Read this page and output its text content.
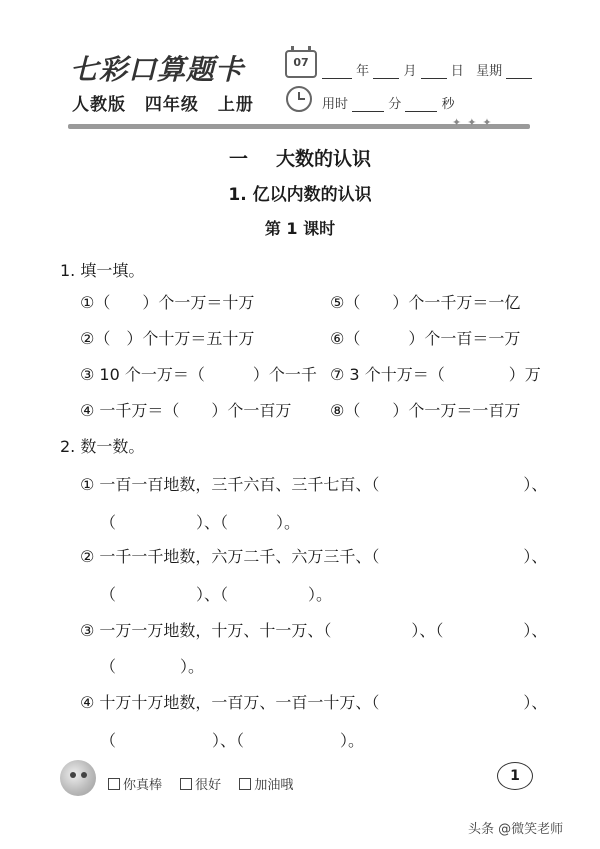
七彩口算题卡
人教版 四年级 上册
07
年	月	日 星期
用时	分	秒
✦✦✦
一 大数的认识
1. 亿以内数的认识
第 1 课时
1. 填一填。
①（　　）个一万＝十万	⑤（　　）个一千万＝一亿
②（　）个十万＝五十万	⑥（　　　）个一百＝一万
③ 10 个一万＝（　　　）个一千 ⑦ 3 个十万＝（　　　　）万
④ 一千万＝（　　）个一百万 ⑧（　　）个一万＝一百万
2. 数一数。
① 一百一百地数，三千六百、三千七百、（　　　　　　　　　）、
（　　　　　）、（　　　）。
② 一千一千地数，六万二千、六万三千、（　　　　　　　　　）、
（　　　　　）、（　　　　　）。
③ 一万一万地数，十万、十一万、（　　　　　）、（　　　　　）、
（　　　　）。
④ 十万十万地数，一百万、一百一十万、（　　　　　　　　　）、
（　　　　　　）、（　　　　　　）。
你真棒	很好	加油哦
1
头条 @微笑老师
